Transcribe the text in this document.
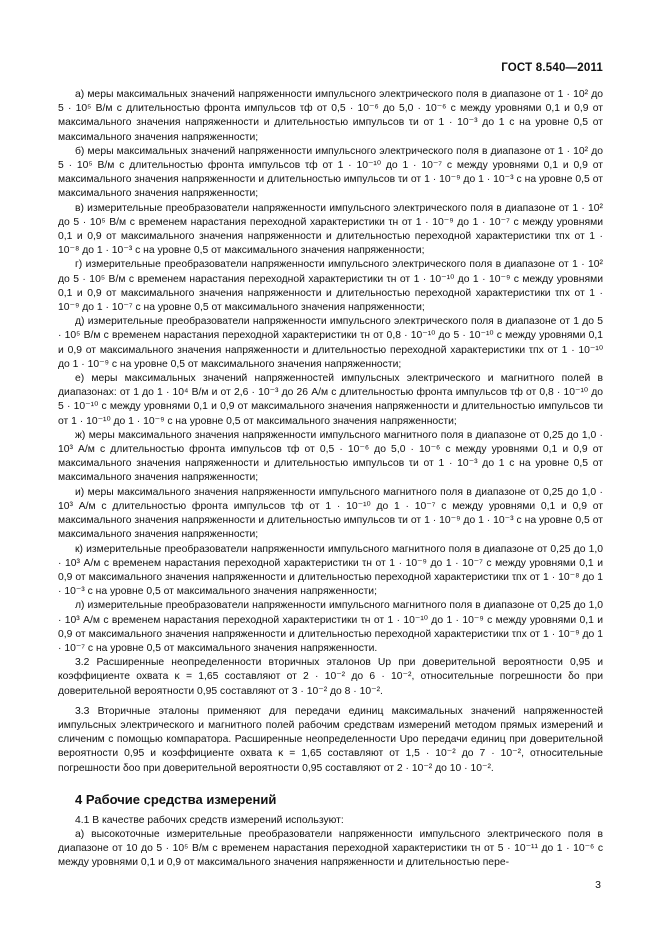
ГОСТ 8.540—2011

а) меры максимальных значений напряженности импульсного электрического поля в диапазоне от 1 · 10² до 5 · 10⁵ В/м с длительностью фронта импульсов τф от 0,5 · 10⁻⁶ до 5,0 · 10⁻⁶ с между уровнями 0,1 и 0,9 от максимального значения напряженности и длительностью импульсов τи от 1 · 10⁻³ до 1 с на уровне 0,5 от максимального значения напряженности;

б) меры максимальных значений напряженности импульсного электрического поля в диапазоне от 1 · 10² до 5 · 10⁵ В/м с длительностью фронта импульсов τф от 1 · 10⁻¹⁰ до 1 · 10⁻⁷ с между уровнями 0,1 и 0,9 от максимального значения напряженности и длительностью импульсов τи от 1 · 10⁻⁹ до 1 · 10⁻³ с на уровне 0,5 от максимального значения напряженности;

в) измерительные преобразователи напряженности импульсного электрического поля в диапазоне от 1 · 10² до 5 · 10⁵ В/м с временем нарастания переходной характеристики τн от 1 · 10⁻⁹ до 1 · 10⁻⁷ с между уровнями 0,1 и 0,9 от максимального значения напряженности и длительностью переходной характеристики τпх от 1 · 10⁻⁸ до 1 · 10⁻³ с на уровне 0,5 от максимального значения напряженности;

г) измерительные преобразователи напряженности импульсного электрического поля в диапазоне от 1 · 10² до 5 · 10⁵ В/м с временем нарастания переходной характеристики τн от 1 · 10⁻¹⁰ до 1 · 10⁻⁹ с между уровнями 0,1 и 0,9 от максимального значения напряженности и длительностью переходной характеристики τпх от 1 · 10⁻⁹ до 1 · 10⁻⁷ с на уровне 0,5 от максимального значения напряженности;

д) измерительные преобразователи напряженности импульсного электрического поля в диапазоне от 1 до 5 · 10⁵ В/м с временем нарастания переходной характеристики τн от 0,8 · 10⁻¹⁰ до 5 · 10⁻¹⁰ с между уровнями 0,1 и 0,9 от максимального значения напряженности и длительностью переходной характеристики τпх от 1 · 10⁻¹⁰ до 1 · 10⁻⁹ с на уровне 0,5 от максимального значения напряженности;

е) меры максимальных значений напряженностей импульсных электрического и магнитного полей в диапазонах: от 1 до 1 · 10⁴ В/м и от 2,6 · 10⁻³ до 26 А/м с длительностью фронта импульсов τф от 0,8 · 10⁻¹⁰ до 5 · 10⁻¹⁰ с между уровнями 0,1 и 0,9 от максимального значения напряженности и длительностью импульсов τи от 1 · 10⁻¹⁰ до 1 · 10⁻⁹ с на уровне 0,5 от максимального значения напряженности;

ж) меры максимального значения напряженности импульсного магнитного поля в диапазоне от 0,25 до 1,0 · 10³ А/м с длительностью фронта импульсов τф от 0,5 · 10⁻⁶ до 5,0 · 10⁻⁶ с между уровнями 0,1 и 0,9 от максимального значения напряженности и длительностью импульсов τи от 1 · 10⁻³ до 1 с на уровне 0,5 от максимального значения напряженности;

и) меры максимального значения напряженности импульсного магнитного поля в диапазоне от 0,25 до 1,0 · 10³ А/м с длительностью фронта импульсов τф от 1 · 10⁻¹⁰ до 1 · 10⁻⁷ с между уровнями 0,1 и 0,9 от максимального значения напряженности и длительностью импульсов τи от 1 · 10⁻⁹ до 1 · 10⁻³ с на уровне 0,5 от максимального значения напряженности;

к) измерительные преобразователи напряженности импульсного магнитного поля в диапазоне от 0,25 до 1,0 · 10³ А/м с временем нарастания переходной характеристики τн от 1 · 10⁻⁹ до 1 · 10⁻⁷ с между уровнями 0,1 и 0,9 от максимального значения напряженности и длительностью переходной характеристики τпх от 1 · 10⁻⁸ до 1 · 10⁻³ с на уровне 0,5 от максимального значения напряженности;

л) измерительные преобразователи напряженности импульсного магнитного поля в диапазоне от 0,25 до 1,0 · 10³ А/м с временем нарастания переходной характеристики τн от 1 · 10⁻¹⁰ до 1 · 10⁻⁹ с между уровнями 0,1 и 0,9 от максимального значения напряженности и длительностью переходной характеристики τпх от 1 · 10⁻⁹ до 1 · 10⁻⁷ с на уровне 0,5 от максимального значения напряженности.

3.2 Расширенные неопределенности вторичных эталонов Up при доверительной вероятности 0,95 и коэффициенте охвата κ = 1,65 составляют от 2 · 10⁻² до 6 · 10⁻², относительные погрешности δо при доверительной вероятности 0,95 составляют от 3 · 10⁻² до 8 · 10⁻².

3.3 Вторичные эталоны применяют для передачи единиц максимальных значений напряженностей импульсных электрического и магнитного полей рабочим средствам измерений методом прямых измерений и сличеним с помощью компаратора. Расширенные неопределенности Upo передачи единиц при доверительной вероятности 0,95 и коэффициенте охвата κ = 1,65 составляют от 1,5 · 10⁻² до 7 · 10⁻², относительные погрешности δоо при доверительной вероятности 0,95 составляют от 2 · 10⁻² до 10 · 10⁻².

4 Рабочие средства измерений

4.1 В качестве рабочих средств измерений используют:

а) высокоточные измерительные преобразователи напряженности импульсного электрического поля в диапазоне от 10 до 5 · 10⁵ В/м с временем нарастания переходной характеристики τн от 5 · 10⁻¹¹ до 1 · 10⁻⁶ с между уровнями 0,1 и 0,9 от максимального значения напряженности и длительностью пере-

3
